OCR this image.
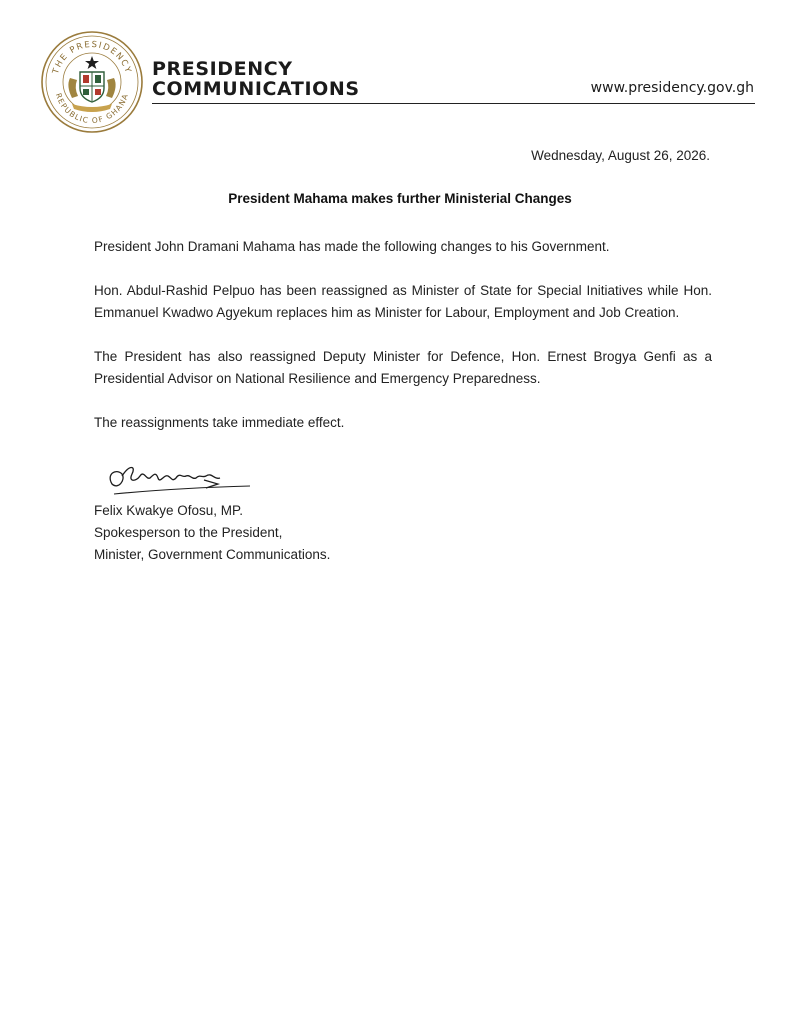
THE PRESIDENCY
REPUBLIC OF GHANA
PRESIDENCY
COMMUNICATIONS	www.presidency.gov.gh
Wednesday, August 26, 2026.
President Mahama makes further Ministerial Changes

President John Dramani Mahama has made the following changes to his Government.

Hon. Abdul-Rashid Pelpuo has been reassigned as Minister of State for Special Initiatives while Hon. Emmanuel Kwadwo Agyekum replaces him as Minister for Labour, Employment and Job Creation.

The President has also reassigned Deputy Minister for Defence, Hon. Ernest Brogya Genfi as a Presidential Advisor on National Resilience and Emergency Preparedness.

The reassignments take immediate effect.

Felix Kwakye Ofosu, MP.
Spokesperson to the President,
Minister, Government Communications.
